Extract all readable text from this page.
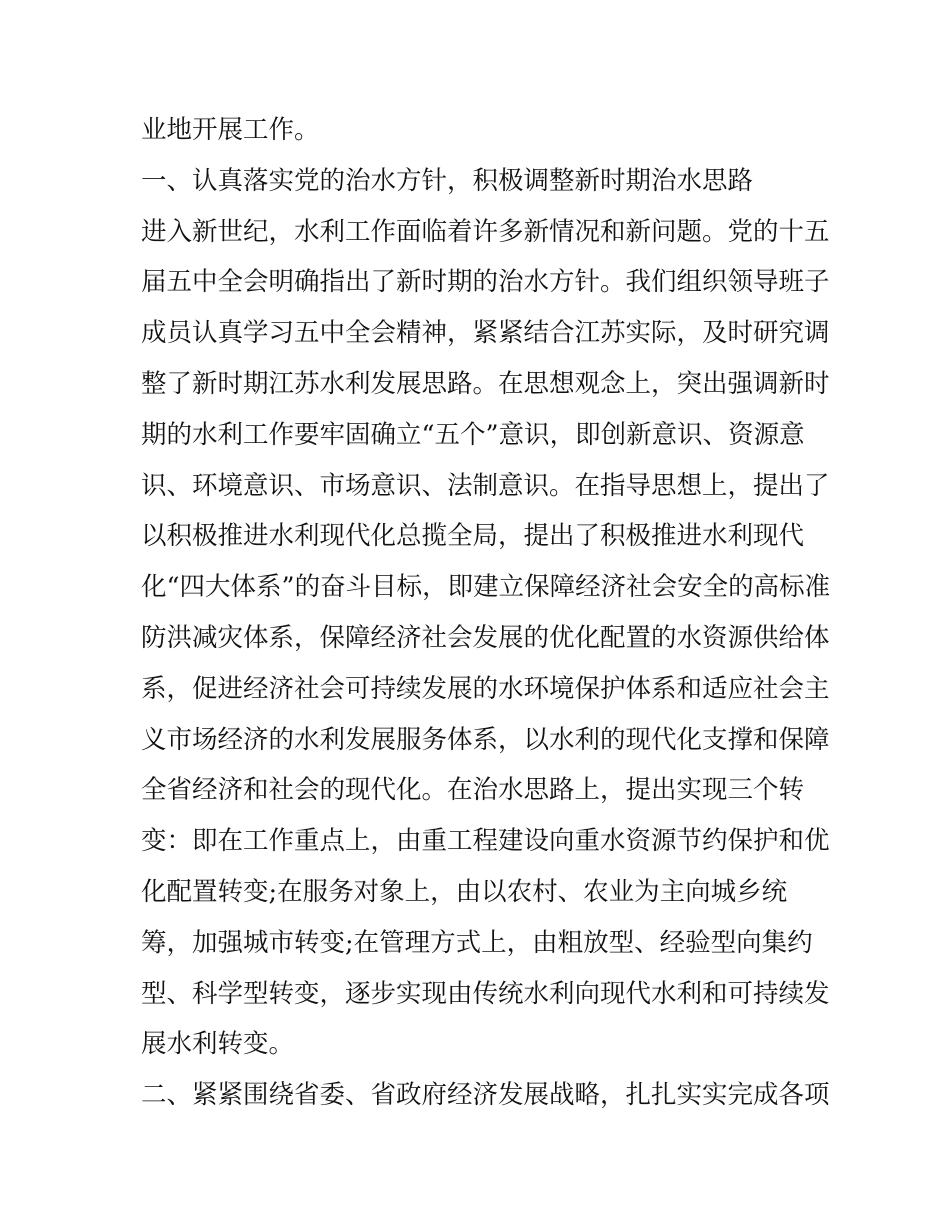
业地开展工作。
一、认真落实党的治水方针，积极调整新时期治水思路
进入新世纪，水利工作面临着许多新情况和新问题。党的十五
届五中全会明确指出了新时期的治水方针。我们组织领导班子
成员认真学习五中全会精神，紧紧结合江苏实际，及时研究调
整了新时期江苏水利发展思路。在思想观念上，突出强调新时
期的水利工作要牢固确立“五个”意识，即创新意识、资源意
识、环境意识、市场意识、法制意识。在指导思想上，提出了
以积极推进水利现代化总揽全局，提出了积极推进水利现代
化“四大体系”的奋斗目标，即建立保障经济社会安全的高标准
防洪减灾体系，保障经济社会发展的优化配置的水资源供给体
系，促进经济社会可持续发展的水环境保护体系和适应社会主
义市场经济的水利发展服务体系，以水利的现代化支撑和保障
全省经济和社会的现代化。在治水思路上，提出实现三个转
变：即在工作重点上，由重工程建设向重水资源节约保护和优
化配置转变;在服务对象上，由以农村、农业为主向城乡统
筹，加强城市转变;在管理方式上，由粗放型、经验型向集约
型、科学型转变，逐步实现由传统水利向现代水利和可持续发
展水利转变。
二、紧紧围绕省委、省政府经济发展战略，扎扎实实完成各项
